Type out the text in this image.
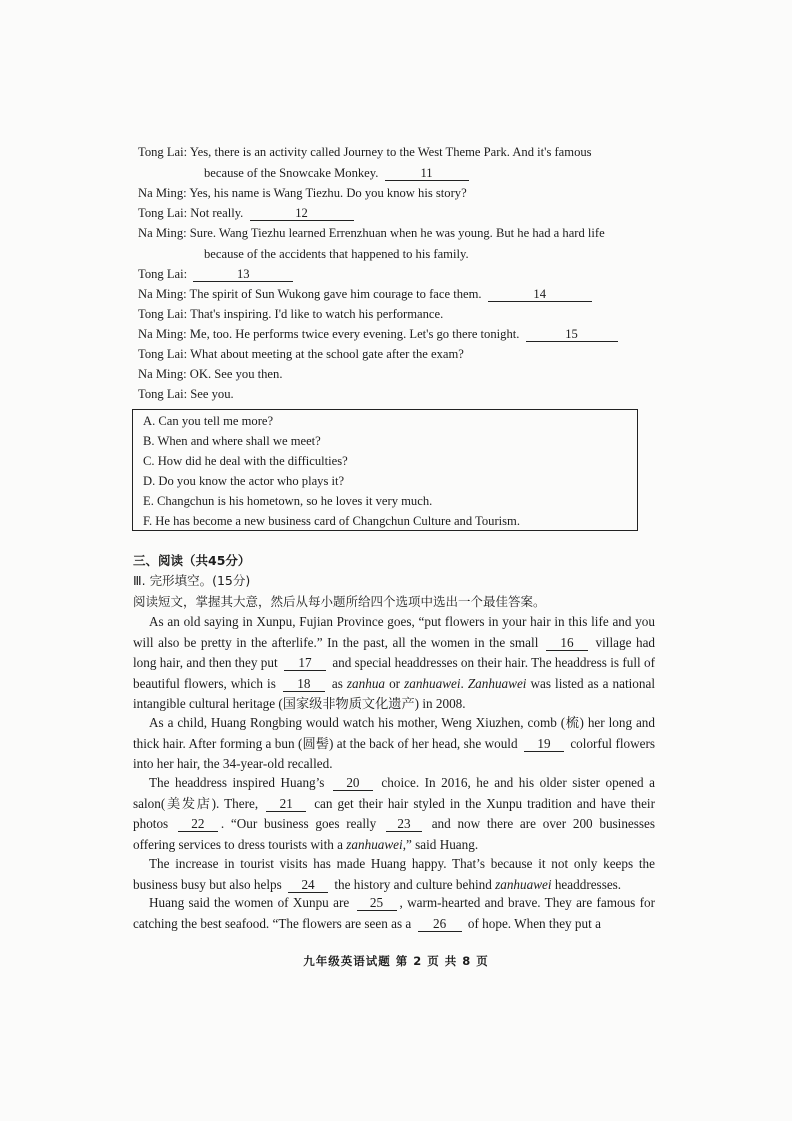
Tong Lai: Yes, there is an activity called Journey to the West Theme Park. And it's famous
because of the Snowcake Monkey.	11
Na Ming: Yes, his name is Wang Tiezhu. Do you know his story?
Tong Lai: Not really.	12
Na Ming: Sure. Wang Tiezhu learned Errenzhuan when he was young. But he had a hard life
because of the accidents that happened to his family.
Tong Lai:	13
Na Ming: The spirit of Sun Wukong gave him courage to face them.	14
Tong Lai: That's inspiring. I'd like to watch his performance.
Na Ming: Me, too. He performs twice every evening. Let's go there tonight.	15
Tong Lai: What about meeting at the school gate after the exam?
Na Ming: OK. See you then.
Tong Lai: See you.
A. Can you tell me more?
B. When and where shall we meet?
C. How did he deal with the difficulties?
D. Do you know the actor who plays it?
E. Changchun is his hometown, so he loves it very much.
F. He has become a new business card of Changchun Culture and Tourism.
三、阅读（共45分）
Ⅲ. 完形填空。(15分)
阅读短文，掌握其大意，然后从每小题所给四个选项中选出一个最佳答案。
As an old saying in Xunpu, Fujian Province goes, “put flowers in your hair in this life and you will also be pretty in the afterlife.” In the past, all the women in the small 16 village had long hair, and then they put 17 and special headdresses on their hair. The headdress is full of beautiful flowers, which is 18 as zanhua or zanhuawei. Zanhuawei was listed as a national intangible cultural heritage (国家级非物质文化遗产) in 2008.
As a child, Huang Rongbing would watch his mother, Weng Xiuzhen, comb (梳) her long and thick hair. After forming a bun (圆髻) at the back of her head, she would 19 colorful flowers into her hair, the 34-year-old recalled.
The headdress inspired Huang’s 20 choice. In 2016, he and his older sister opened a salon(美发店). There, 21 can get their hair styled in the Xunpu tradition and have their photos 22 . “Our business goes really 23 and now there are over 200 businesses offering services to dress tourists with a zanhuawei,” said Huang.
The increase in tourist visits has made Huang happy. That’s because it not only keeps the business busy but also helps 24 the history and culture behind zanhuawei headdresses.
Huang said the women of Xunpu are 25 , warm-hearted and brave. They are famous for catching the best seafood. “The flowers are seen as a 26 of hope. When they put a
九年级英语试题 第 2 页 共 8 页
